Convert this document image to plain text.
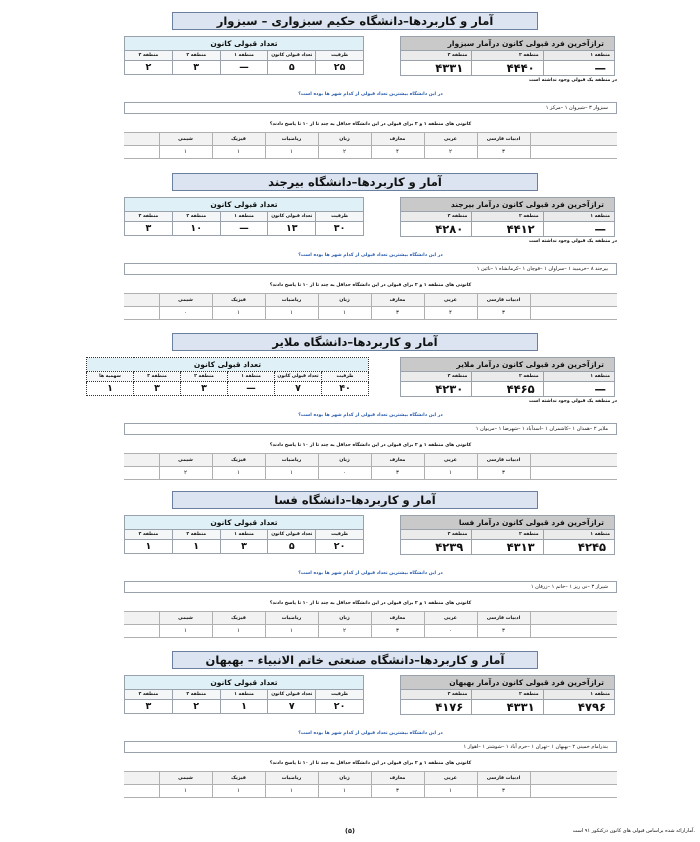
آمار و کاربردها–دانشگاه حکیم سبزواری – سبزوار
تعداد قبولی کانون				
منطقه ۳	منطقه ۲	منطقه ۱	تعداد قبولی کانون	ظرفیت
۲	۳	—	۵	۲۵
ترازآخرین فرد قبولی کانون درآمار سبزوار		
منطقه ۳	منطقه ۲	منطقه ۱
۴۳۳۱	۴۴۴۰	—
در منطقه یک قبولی وجود نداشته است
در این دانشگاه بیشترین تعداد قبولی از کدام شهر ها بوده است؟
سبزوار ۳ –شیروان ۱ –مرکز ۱
کانونی های منطقه ۱ و ۲ برای قبولی در این دانشگاه حداقل به چند تا از ۱۰ تا پاسخ دادند؟
	شیمی	فیزیک	ریاضیات	زبان	معارف	عربی	ادبیات فارسی	
	۱	۱	۱	۲	۴	۲	۳	
آمار و کاربردها–دانشگاه بیرجند
تعداد قبولی کانون				
منطقه ۳	منطقه ۲	منطقه ۱	تعداد قبولی کانون	ظرفیت
۳	۱۰	—	۱۳	۳۰
ترازآخرین فرد قبولی کانون درآمار بیرجند		
منطقه ۳	منطقه ۲	منطقه ۱
۴۲۸۰	۴۴۱۲	—
در منطقه یک قبولی وجود نداشته است
در این دانشگاه بیشترین تعداد قبولی از کدام شهر ها بوده است؟
بیرجند ۸ –خرمبید ۱ –سراوان ۱ –قوچان ۱ –کرمانشاه ۱ –نائین ۱
کانونی های منطقه ۱ و ۲ برای قبولی در این دانشگاه حداقل به چند تا از ۱۰ تا پاسخ دادند؟
	شیمی	فیزیک	ریاضیات	زبان	معارف	عربی	ادبیات فارسی	
	۰	۱	۱	۱	۳	۴	۳	
آمار و کاربردها–دانشگاه ملایر
تعداد قبولی کانون					
سهمیه ها	منطقه ۳	منطقه ۲	منطقه ۱	تعداد قبولی کانون	ظرفیت
۱	۳	۳	—	۷	۴۰
ترازآخرین فرد قبولی کانون درآمار ملایر		
منطقه ۳	منطقه ۲	منطقه ۱
۴۲۳۰	۴۴۶۵	—
در منطقه یک قبولی وجود نداشته است
در این دانشگاه بیشترین تعداد قبولی از کدام شهر ها بوده است؟
ملایر ۲ –همدان ۱ –کاشمران ۱ –اسدآباد ۱ –شهرضا ۱ –مریوان ۱
کانونی های منطقه ۱ و ۲ برای قبولی در این دانشگاه حداقل به چند تا از ۱۰ تا پاسخ دادند؟
	شیمی	فیزیک	ریاضیات	زبان	معارف	عربی	ادبیات فارسی	
	۲	۱	۱	۰	۳	۱	۳	
آمار و کاربردها–دانشگاه فسا
تعداد قبولی کانون				
منطقه ۳	منطقه ۲	منطقه ۱	تعداد قبولی کانون	ظرفیت
۱	۱	۳	۵	۲۰
ترازآخرین فرد قبولی کانون درآمار فسا		
منطقه ۳	منطقه ۲	منطقه ۱
۴۲۳۹	۴۳۱۳	۴۲۴۵
در این دانشگاه بیشترین تعداد قبولی از کدام شهر ها بوده است؟
شیراز ۳ –نی ریز ۱ –خاتم ۱ –زرقان ۱
کانونی های منطقه ۱ و ۲ برای قبولی در این دانشگاه حداقل به چند تا از ۱۰ تا پاسخ دادند؟
	شیمی	فیزیک	ریاضیات	زبان	معارف	عربی	ادبیات فارسی	
	۱	۱	۱	۲	۳	۰	۳	
آمار و کاربردها–دانشگاه صنعتی خاتم الانبیاء – بهبهان
تعداد قبولی کانون				
منطقه ۳	منطقه ۲	منطقه ۱	تعداد قبولی کانون	ظرفیت
۳	۲	۱	۷	۲۰
ترازآخرین فرد قبولی کانون درآمار بهبهان		
منطقه ۳	منطقه ۲	منطقه ۱
۴۱۷۶	۴۳۳۱	۴۷۹۶
در این دانشگاه بیشترین تعداد قبولی از کدام شهر ها بوده است؟
بندرامام خمینی ۲ –بهبهان ۱ –تهران ۱ –خرم آباد ۱ –شوشتر ۱ –اهواز ۱
کانونی های منطقه ۱ و ۲ برای قبولی در این دانشگاه حداقل به چند تا از ۱۰ تا پاسخ دادند؟
	شیمی	فیزیک	ریاضیات	زبان	معارف	عربی	ادبیات فارسی	
	۱	۱	۱	۱	۳	۱	۳	
(۵)	آمارارائه شده براساس قبولی های کانون درکنکور ۹۱ است.
